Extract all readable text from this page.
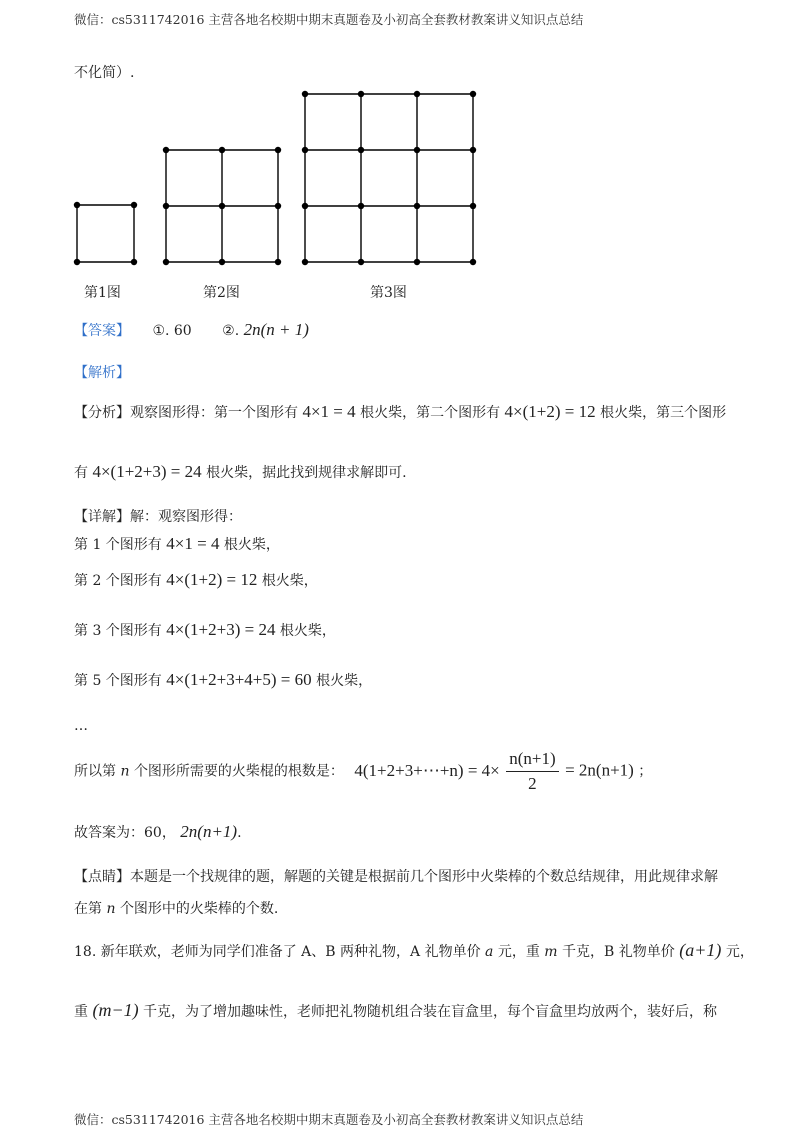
微信：cs5311742016 主营各地名校期中期末真题卷及小初高全套教材教案讲义知识点总结
不化简）.
第1图	第2图	第3图
【答案】 ①. 60 ②. 2n(n + 1)
【解析】
【分析】观察图形得：第一个图形有 4×1 = 4 根火柴，第二个图形有 4×(1+2) = 12 根火柴，第三个图形
有 4×(1+2+3) = 24 根火柴，据此找到规律求解即可.
【详解】解：观察图形得：
第 1 个图形有 4×1 = 4 根火柴，
第 2 个图形有 4×(1+2) = 12 根火柴，
第 3 个图形有 4×(1+2+3) = 24 根火柴，
第 5 个图形有 4×(1+2+3+4+5) = 60 根火柴，
…
所以第 n 个图形所需要的火柴棍的根数是： 4(1+2+3+⋯+n) = $4\times \frac{n(n+1)}{2} = 2n(n+1)$ ；
故答案为：60， 2n(n+1).
【点睛】本题是一个找规律的题，解题的关键是根据前几个图形中火柴棒的个数总结规律，用此规律求解
在第 n 个图形中的火柴棒的个数.
18. 新年联欢，老师为同学们准备了 A、B 两种礼物，A 礼物单价 a 元，重 m 千克，B 礼物单价 (a+1) 元，
重 (m−1) 千克，为了增加趣味性，老师把礼物随机组合装在盲盒里，每个盲盒里均放两个，装好后，称
微信：cs5311742016 主营各地名校期中期末真题卷及小初高全套教材教案讲义知识点总结
